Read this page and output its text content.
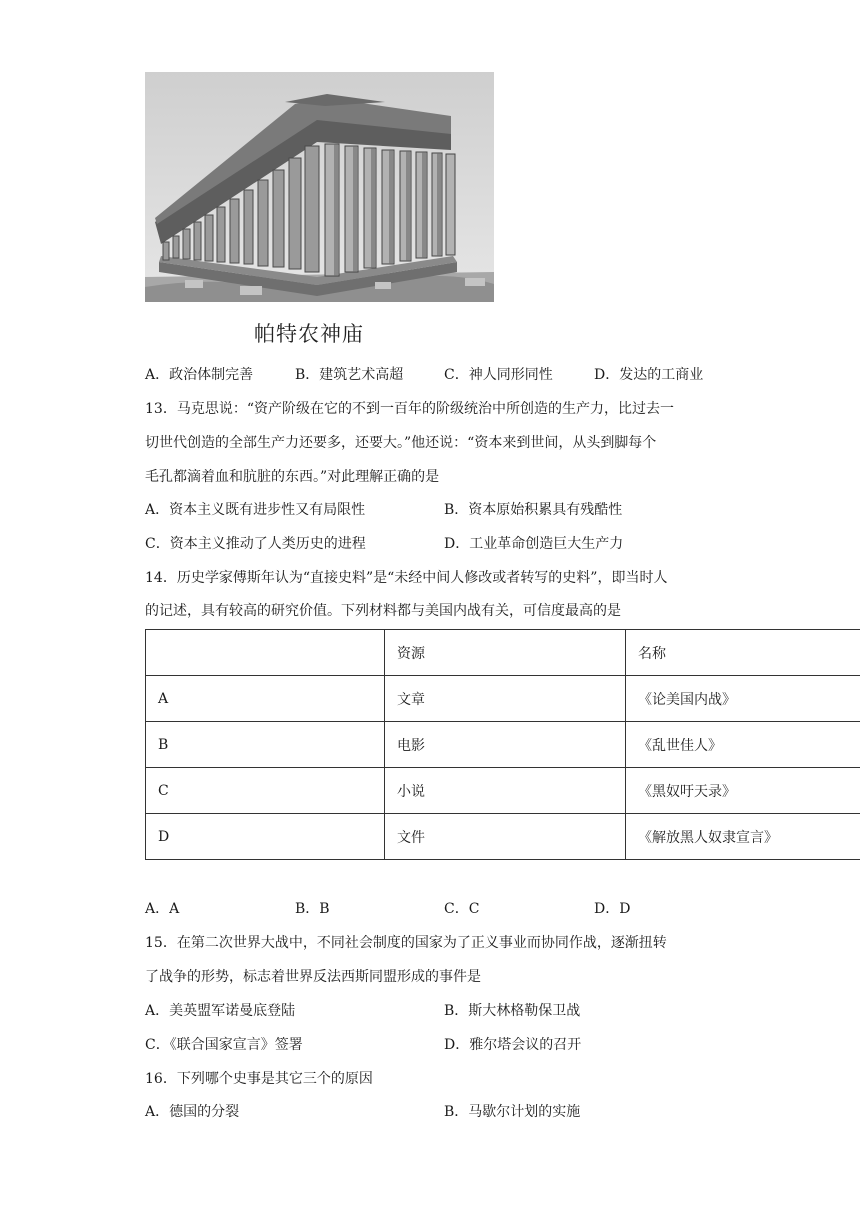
帕特农神庙
A．政治体制完善	B．建筑艺术高超	C．神人同形同性	D．发达的工商业
13．马克思说：“资产阶级在它的不到一百年的阶级统治中所创造的生产力，比过去一
切世代创造的全部生产力还要多，还要大。”他还说：“资本来到世间，从头到脚每个
毛孔都滴着血和肮脏的东西。”对此理解正确的是
A．资本主义既有进步性又有局限性	B．资本原始积累具有残酷性
C．资本主义推动了人类历史的进程	D．工业革命创造巨大生产力
14．历史学家傅斯年认为“直接史料”是“未经中间人修改或者转写的史料”，即当时人
的记述，具有较高的研究价值。下列材料都与美国内战有关，可信度最高的是
	资源	名称
A	文章	《论美国内战》
B	电影	《乱世佳人》
C	小说	《黑奴吁天录》
D	文件	《解放黑人奴隶宣言》
A．A	B．B	C．C	D．D
15．在第二次世界大战中，不同社会制度的国家为了正义事业而协同作战，逐渐扭转
了战争的形势，标志着世界反法西斯同盟形成的事件是
A．美英盟军诺曼底登陆	B．斯大林格勒保卫战
C．《联合国家宣言》签署	D．雅尔塔会议的召开
16．下列哪个史事是其它三个的原因
A．德国的分裂	B．马歇尔计划的实施
